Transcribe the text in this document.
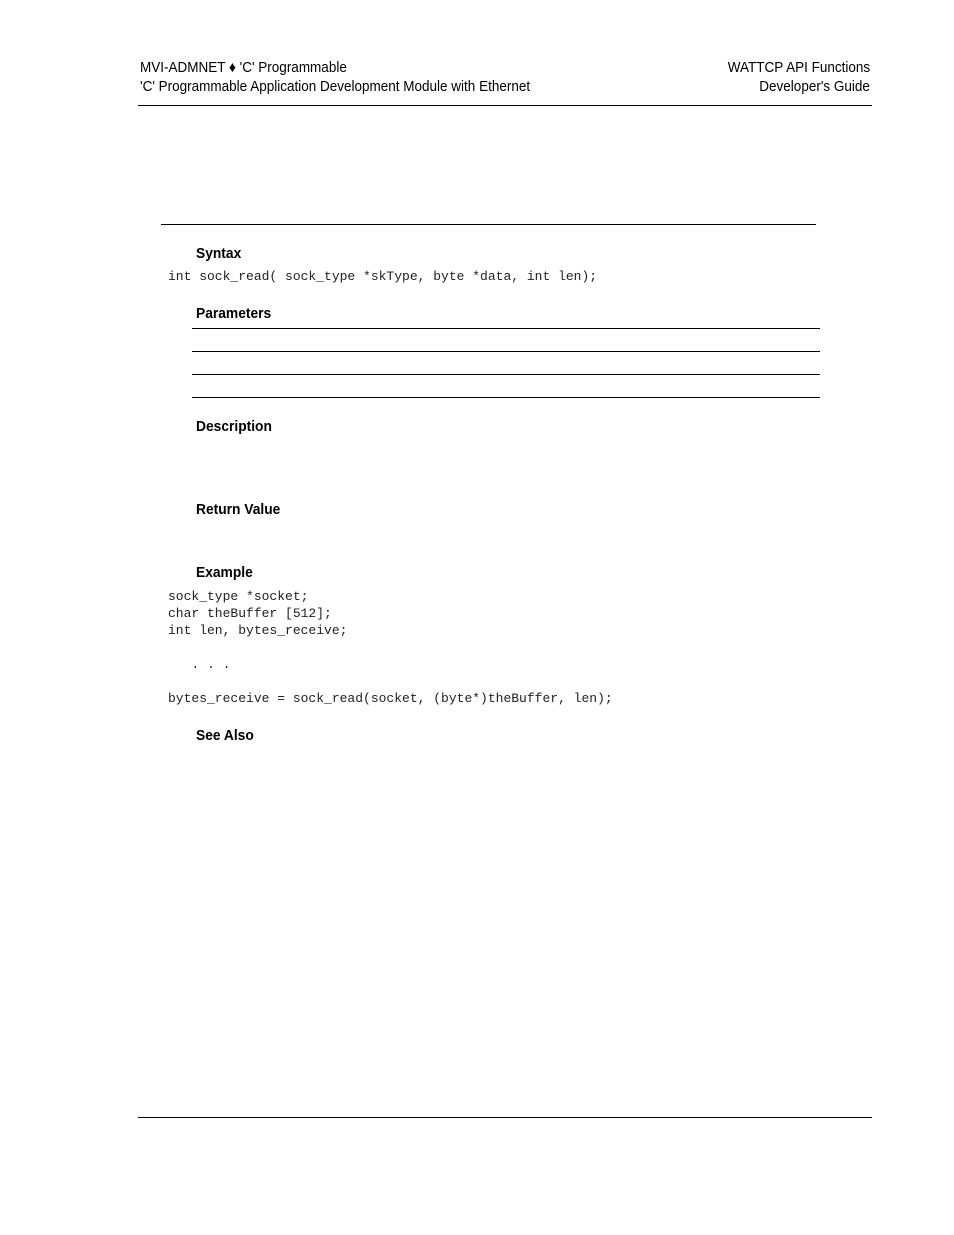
MVI-ADMNET ♦ 'C' Programmable
'C' Programmable Application Development Module with Ethernet
WATTCP API Functions
Developer's Guide
Syntax
int sock_read( sock_type *skType, byte *data, int len);
Parameters
Description
Return Value
Example
sock_type *socket;
char theBuffer [512];
int len, bytes_receive;
. . .
bytes_receive = sock_read(socket, (byte*)theBuffer, len);
See Also
